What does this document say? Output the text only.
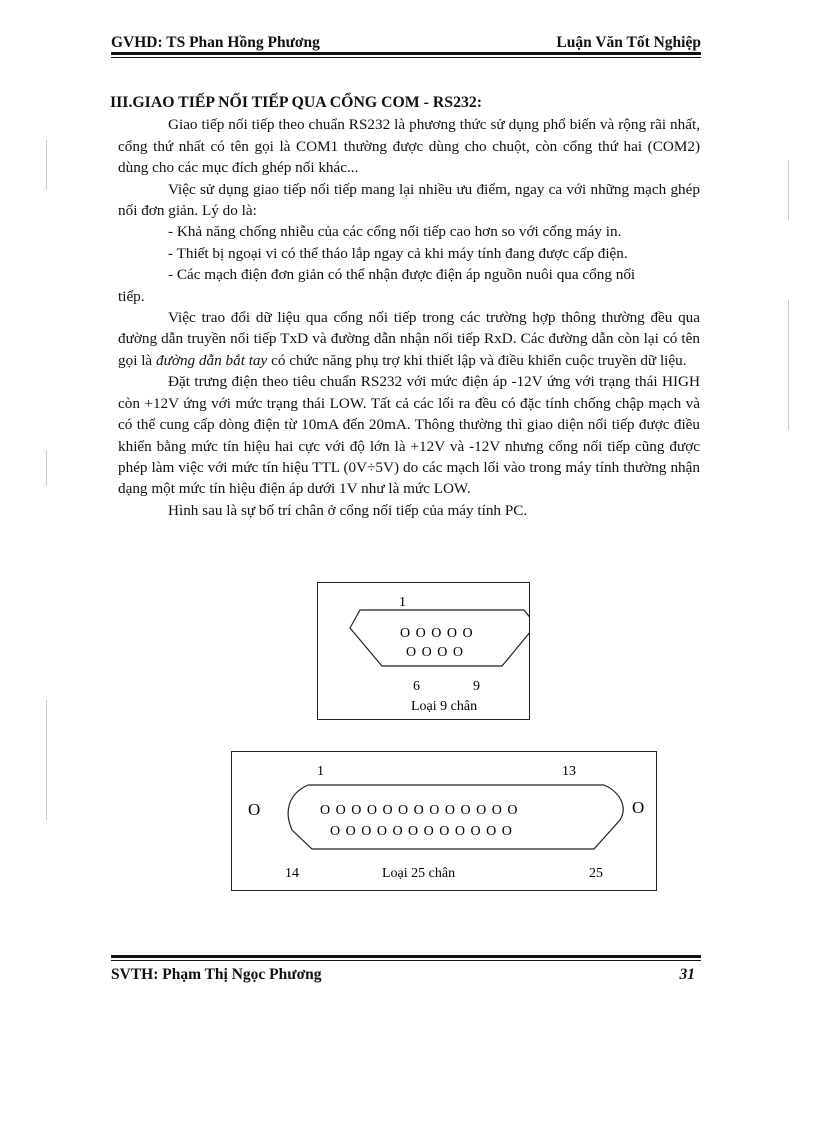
GVHD: TS Phan Hồng Phương	Luận Văn Tốt Nghiệp
III.GIAO TIẾP NỐI TIẾP QUA CỔNG COM - RS232:

Giao tiếp nối tiếp theo chuẩn RS232 là phương thức sử dụng phổ biến và rộng rãi nhất, cổng thứ nhất có tên gọi là COM1 thường được dùng cho chuột, còn cổng thứ hai (COM2) dùng cho các mục đích ghép nối khác...

Việc sử dụng giao tiếp nối tiếp mang lại nhiều ưu điểm, ngay ca với những mạch ghép nối đơn giản. Lý do là:

- Khả năng chống nhiễu của các cổng nối tiếp cao hơn so với cổng máy in.

- Thiết bị ngoại vi có thể tháo lắp ngay cả khi máy tính đang được cấp điện.

- Các mạch điện đơn giản có thể nhận được điện áp nguồn nuôi qua cổng nối

tiếp.

Việc trao đổi dữ liệu qua cổng nối tiếp trong các trường hợp thông thường đều qua đường dẫn truyền nối tiếp TxD và đường dẫn nhận nối tiếp RxD. Các đường dẫn còn lại có tên gọi là đường dẫn bắt tay có chức năng phụ trợ khi thiết lập và điều khiển cuộc truyền dữ liệu.

Đặt trưng điện theo tiêu chuẩn RS232 với mức điện áp -12V ứng với trạng thái HIGH còn +12V ứng với mức trạng thái LOW. Tất cả các lối ra đều có đặc tính chống chập mạch và có thể cung cấp dòng điện từ 10mA đến 20mA. Thông thường thì giao diện nối tiếp được điều khiển bằng mức tín hiệu hai cực với độ lớn là +12V và -12V nhưng cổng nối tiếp cũng được phép làm việc với mức tín hiệu TTL (0V÷5V) do các mạch lối vào trong máy tính thường nhận dạng một mức tín hiệu điện áp dưới 1V như là mức LOW.

Hình sau là sự bố trí chân ở cổng nối tiếp của máy tính PC.

1
O O O O O
O O O O
6	9
Loại 9 chân
1	13
O O O O O O O O O O O O O
O O O O O O O O O O O O
O	O
14	Loại 25 chân	25
SVTH: Phạm Thị Ngọc Phương	31
